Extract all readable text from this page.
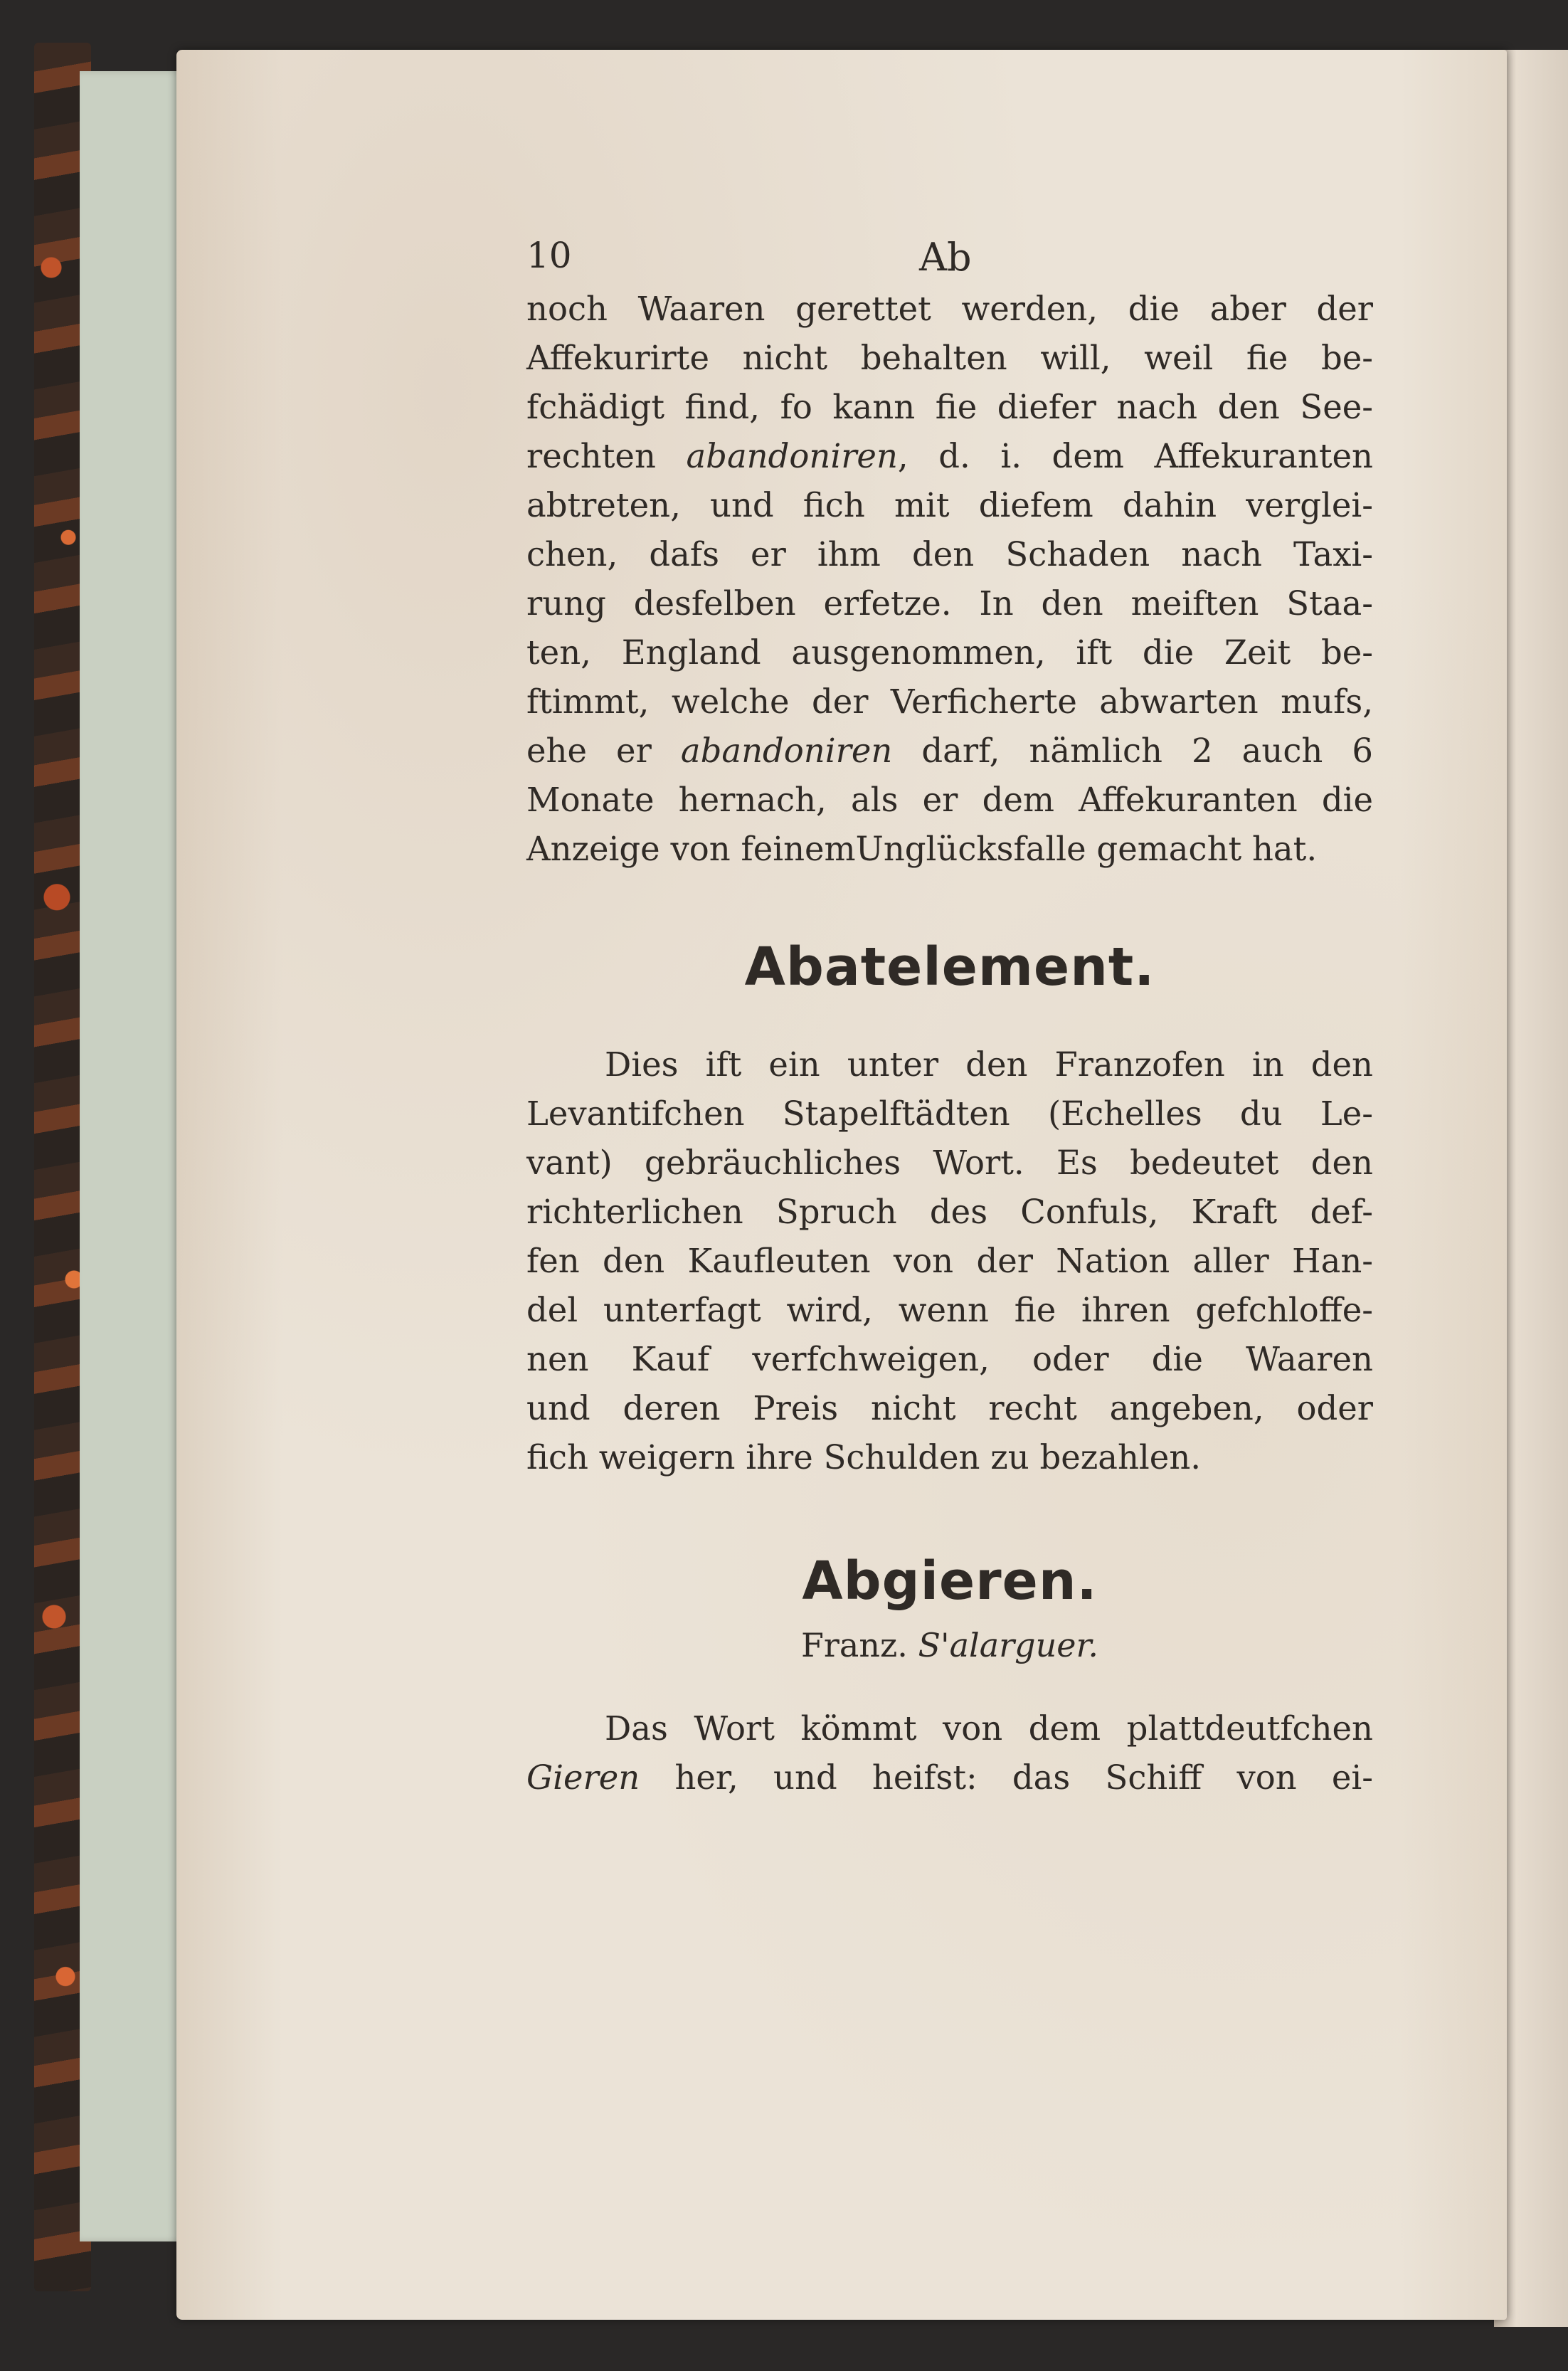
10	Ab

noch Waaren gerettet werden, die aber der
Affekurirte nicht behalten will, weil fie be-
fchädigt find, fo kann fie diefer nach den See-
rechten abandoniren, d. i. dem Affekuranten
abtreten, und fich mit diefem dahin verglei-
chen, dafs er ihm den Schaden nach Taxi-
rung desfelben erfetze. In den meiften Staa-
ten, England ausgenommen, ift die Zeit be-
ftimmt, welche der Verficherte abwarten mufs,
ehe er abandoniren darf, nämlich 2 auch 6
Monate hernach, als er dem Affekuranten die
Anzeige von feinemUnglücksfalle gemacht hat.

Abatelement.

Dies ift ein unter den Franzofen in den
Levantifchen Stapelftädten (Echelles du Le-
vant) gebräuchliches Wort. Es bedeutet den
richterlichen Spruch des Confuls, Kraft def-
fen den Kaufleuten von der Nation aller Han-
del unterfagt wird, wenn fie ihren gefchloffe-
nen Kauf verfchweigen, oder die Waaren
und deren Preis nicht recht angeben, oder
fich weigern ihre Schulden zu bezahlen.

Abgieren.

Franz. S'alarguer.

Das Wort kömmt von dem plattdeutfchen
Gieren her, und heifst: das Schiff von ei-
